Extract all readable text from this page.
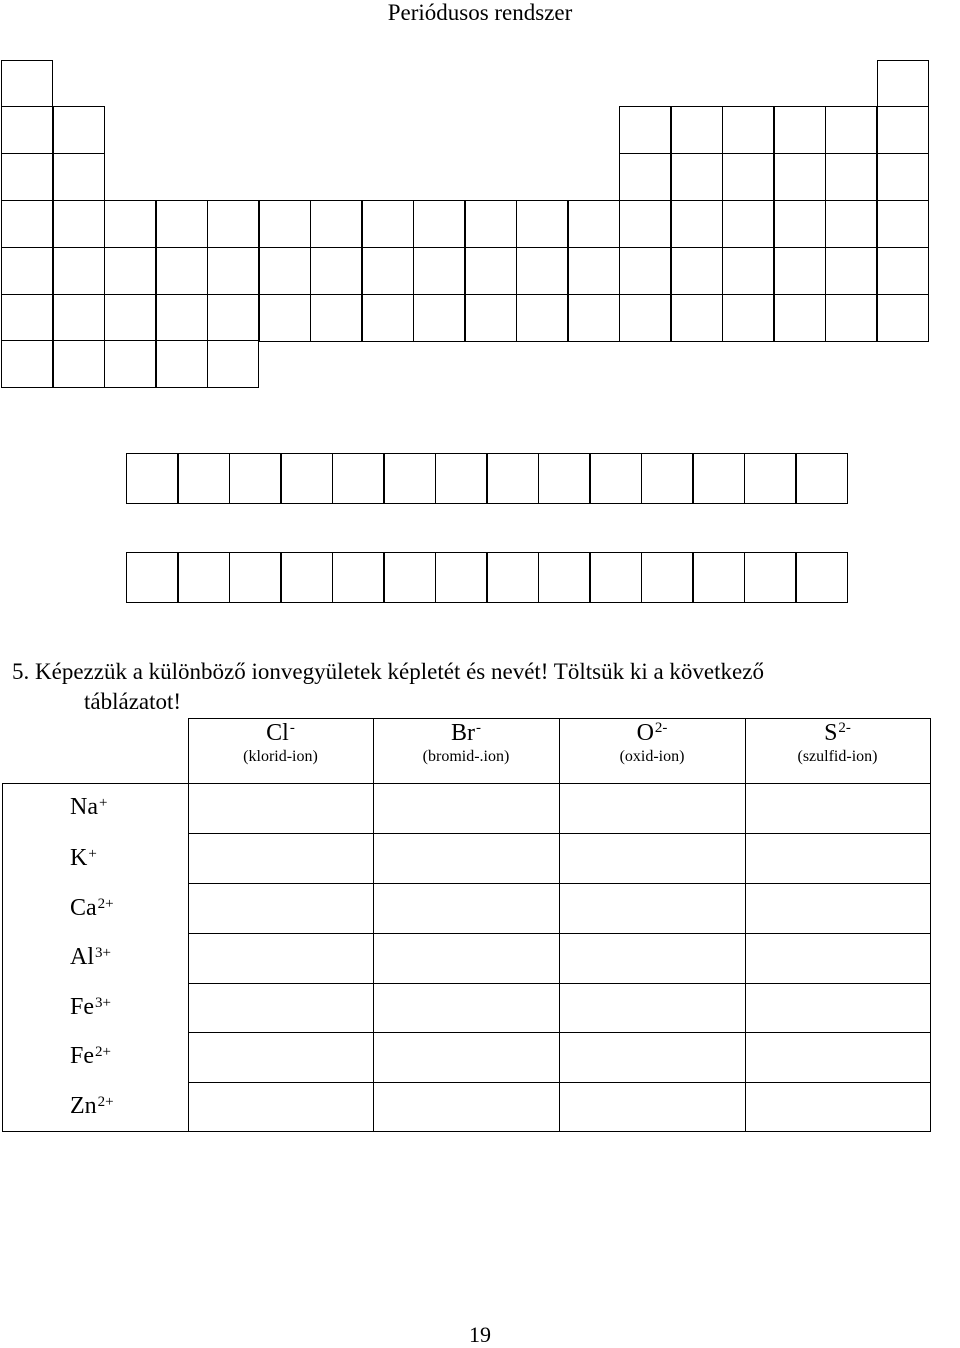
Periódusos rendszer
5. Képezzük a különböző ionvegyületek képletét és nevét! Töltsük ki a következő
táblázatot!
Cl-
(klorid-ion)
Br-
(bromid-.ion)
$O^{2-}$
(oxid-ion)
$S^{2-}$
(szulfid-ion)
Na+
K+
$Ca^{2+}$
$Al^{3+}$
$Fe^{3+}$
$Fe^{2+}$
$Zn^{2+}$
19
